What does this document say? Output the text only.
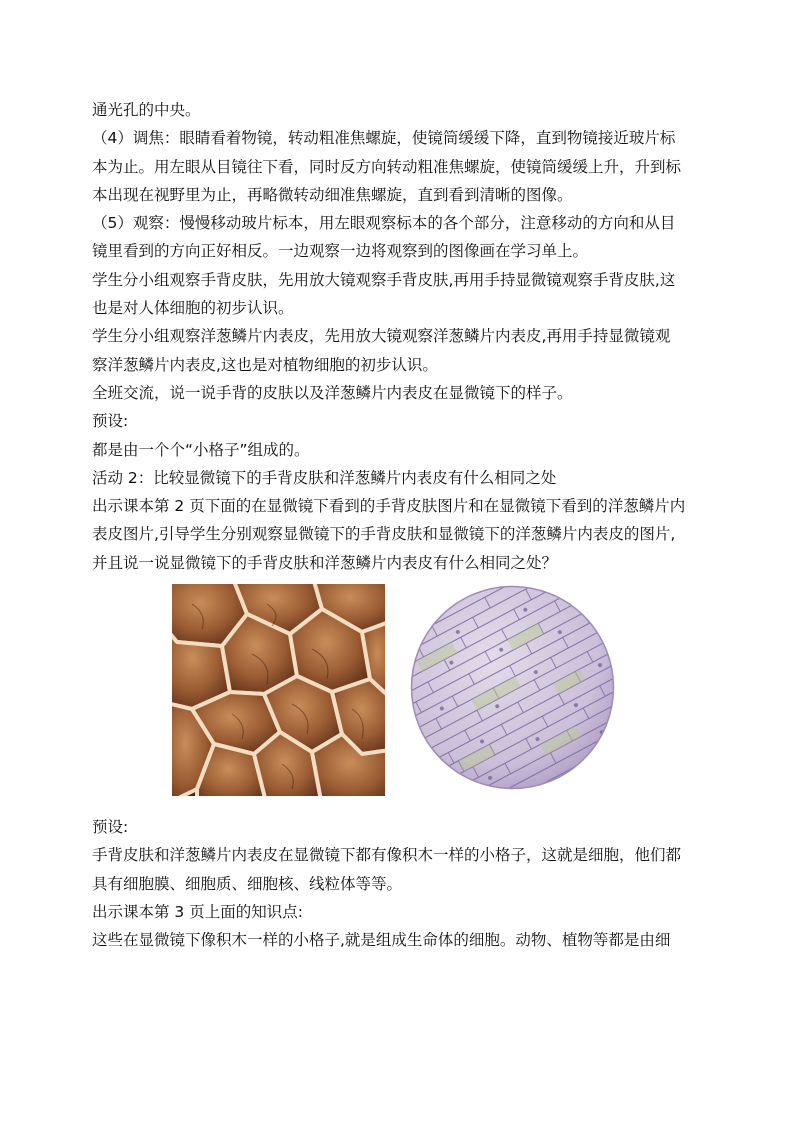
通光孔的中央。
（4）调焦：眼睛看着物镜，转动粗准焦螺旋，使镜筒缓缓下降，直到物镜接近玻片标
本为止。用左眼从目镜往下看，同时反方向转动粗准焦螺旋，使镜筒缓缓上升，升到标
本出现在视野里为止，再略微转动细准焦螺旋，直到看到清晰的图像。
（5）观察：慢慢移动玻片标本，用左眼观察标本的各个部分，注意移动的方向和从目
镜里看到的方向正好相反。一边观察一边将观察到的图像画在学习单上。
学生分小组观察手背皮肤，先用放大镜观察手背皮肤,再用手持显微镜观察手背皮肤,这
也是对人体细胞的初步认识。
学生分小组观察洋葱鳞片内表皮，先用放大镜观察洋葱鳞片内表皮,再用手持显微镜观
察洋葱鳞片内表皮,这也是对植物细胞的初步认识。
全班交流，说一说手背的皮肤以及洋葱鳞片内表皮在显微镜下的样子。
预设:
都是由一个个“小格子”组成的。
活动 2：比较显微镜下的手背皮肤和洋葱鳞片内表皮有什么相同之处
出示课本第 2 页下面的在显微镜下看到的手背皮肤图片和在显微镜下看到的洋葱鳞片内
表皮图片,引导学生分别观察显微镜下的手背皮肤和显微镜下的洋葱鳞片内表皮的图片,
并且说一说显微镜下的手背皮肤和洋葱鳞片内表皮有什么相同之处？
预设:
手背皮肤和洋葱鳞片内表皮在显微镜下都有像积木一样的小格子，这就是细胞，他们都
具有细胞膜、细胞质、细胞核、线粒体等等。
出示课本第 3 页上面的知识点:
这些在显微镜下像积木一样的小格子,就是组成生命体的细胞。动物、植物等都是由细
